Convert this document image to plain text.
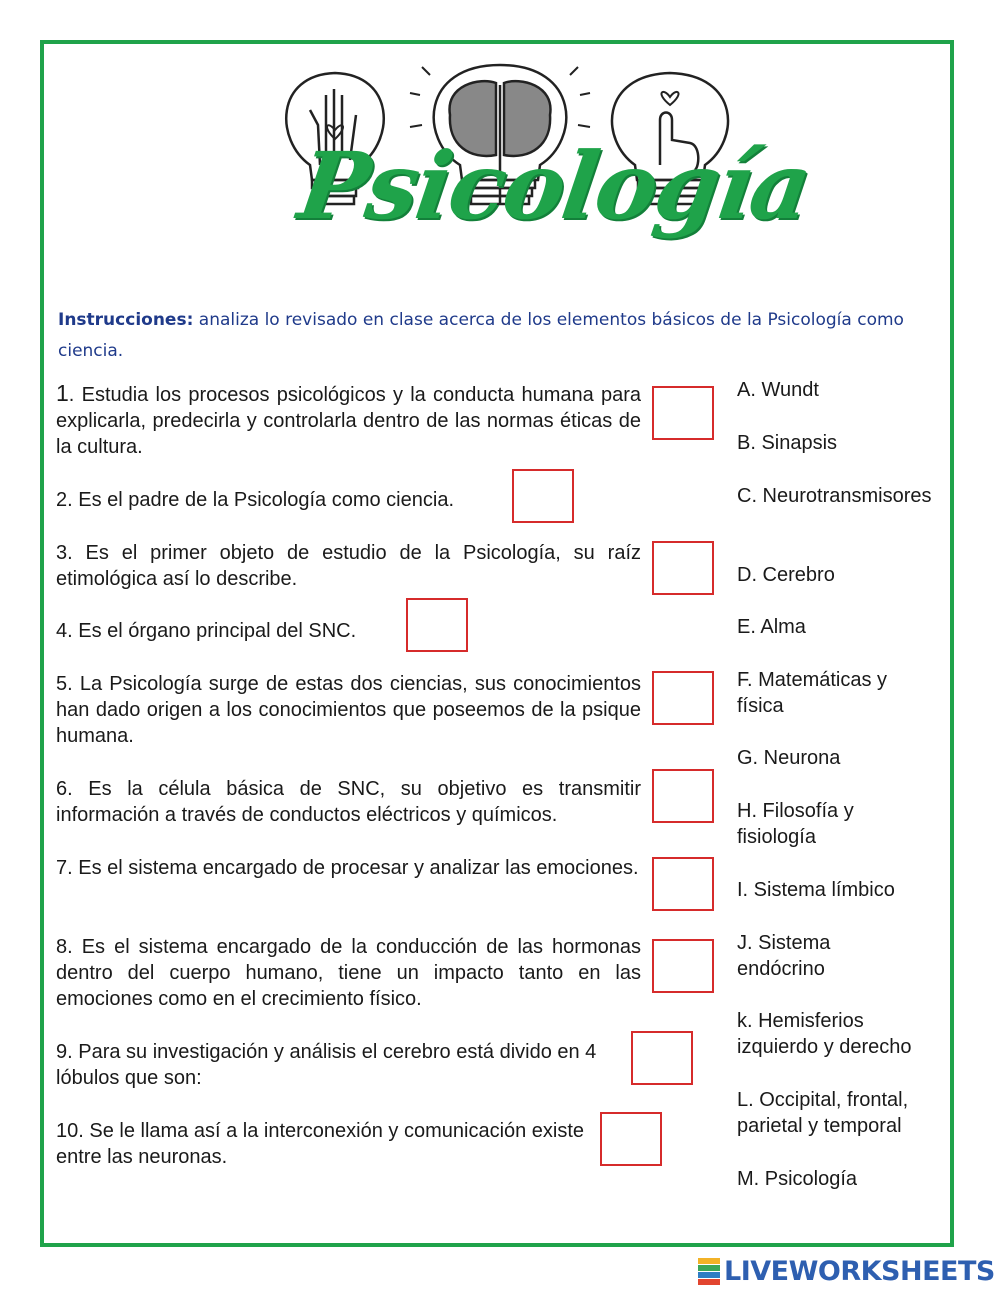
Psicología
Instrucciones: analiza lo revisado en clase acerca de los elementos básicos de la Psicología como ciencia.
1. Estudia los procesos psicológicos y la conducta humana para explicarla, predecirla y controlarla dentro de las normas éticas de la cultura.
2. Es el padre de la Psicología como ciencia.
3. Es el primer objeto de estudio de la Psicología, su raíz etimológica así lo describe.
4. Es el órgano principal del SNC.
5. La Psicología surge de estas dos ciencias, sus conocimientos han dado origen a los conocimientos que poseemos de la psique humana.
6. Es la célula básica de SNC, su objetivo es transmitir información a través de conductos eléctricos y químicos.
7. Es el sistema encargado de procesar y analizar las emociones.
8. Es el sistema encargado de la conducción de las hormonas dentro del cuerpo humano, tiene un impacto tanto en las emociones como en el crecimiento físico.
9. Para su investigación y análisis el cerebro está divido en 4 lóbulos que son:
10. Se le llama así a la interconexión y comunicación existe entre las neuronas.
A. Wundt
B. Sinapsis
C. Neurotransmisores
D. Cerebro
E. Alma
F. Matemáticas y física
G. Neurona
H. Filosofía y fisiología
I. Sistema límbico
J. Sistema endócrino
k. Hemisferios izquierdo y derecho
L. Occipital, frontal, parietal y temporal
M. Psicología
LIVEWORKSHEETS
